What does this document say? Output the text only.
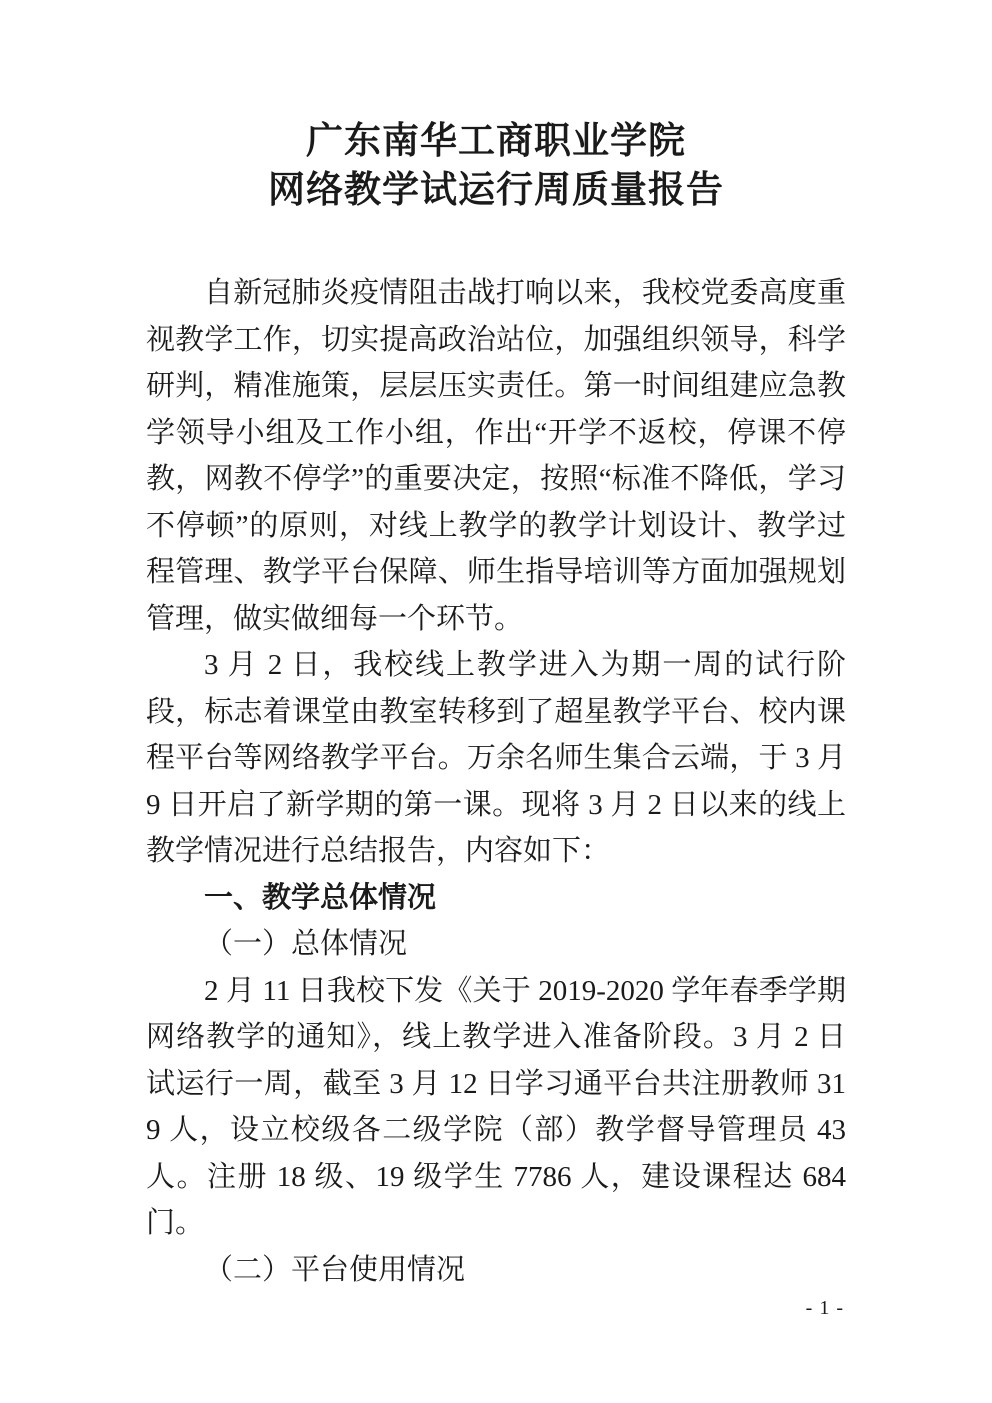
广东南华工商职业学院
网络教学试运行周质量报告

自新冠肺炎疫情阻击战打响以来，我校党委高度重视教学工作，切实提高政治站位，加强组织领导，科学研判，精准施策，层层压实责任。第一时间组建应急教学领导小组及工作小组，作出“开学不返校，停课不停教，网教不停学”的重要决定，按照“标准不降低，学习不停顿”的原则，对线上教学的教学计划设计、教学过程管理、教学平台保障、师生指导培训等方面加强规划管理，做实做细每一个环节。

3 月 2 日，我校线上教学进入为期一周的试行阶段，标志着课堂由教室转移到了超星教学平台、校内课程平台等网络教学平台。万余名师生集合云端，于 3 月 9 日开启了新学期的第一课。现将 3 月 2 日以来的线上教学情况进行总结报告，内容如下：

一、教学总体情况
（一）总体情况

2 月 11 日我校下发《关于 2019-2020 学年春季学期网络教学的通知》，线上教学进入准备阶段。3 月 2 日试运行一周，截至 3 月 12 日学习通平台共注册教师 319 人，设立校级各二级学院（部）教学督导管理员 43 人。注册 18 级、19 级学生 7786 人，建设课程达 684 门。

（二）平台使用情况
- 1 -
